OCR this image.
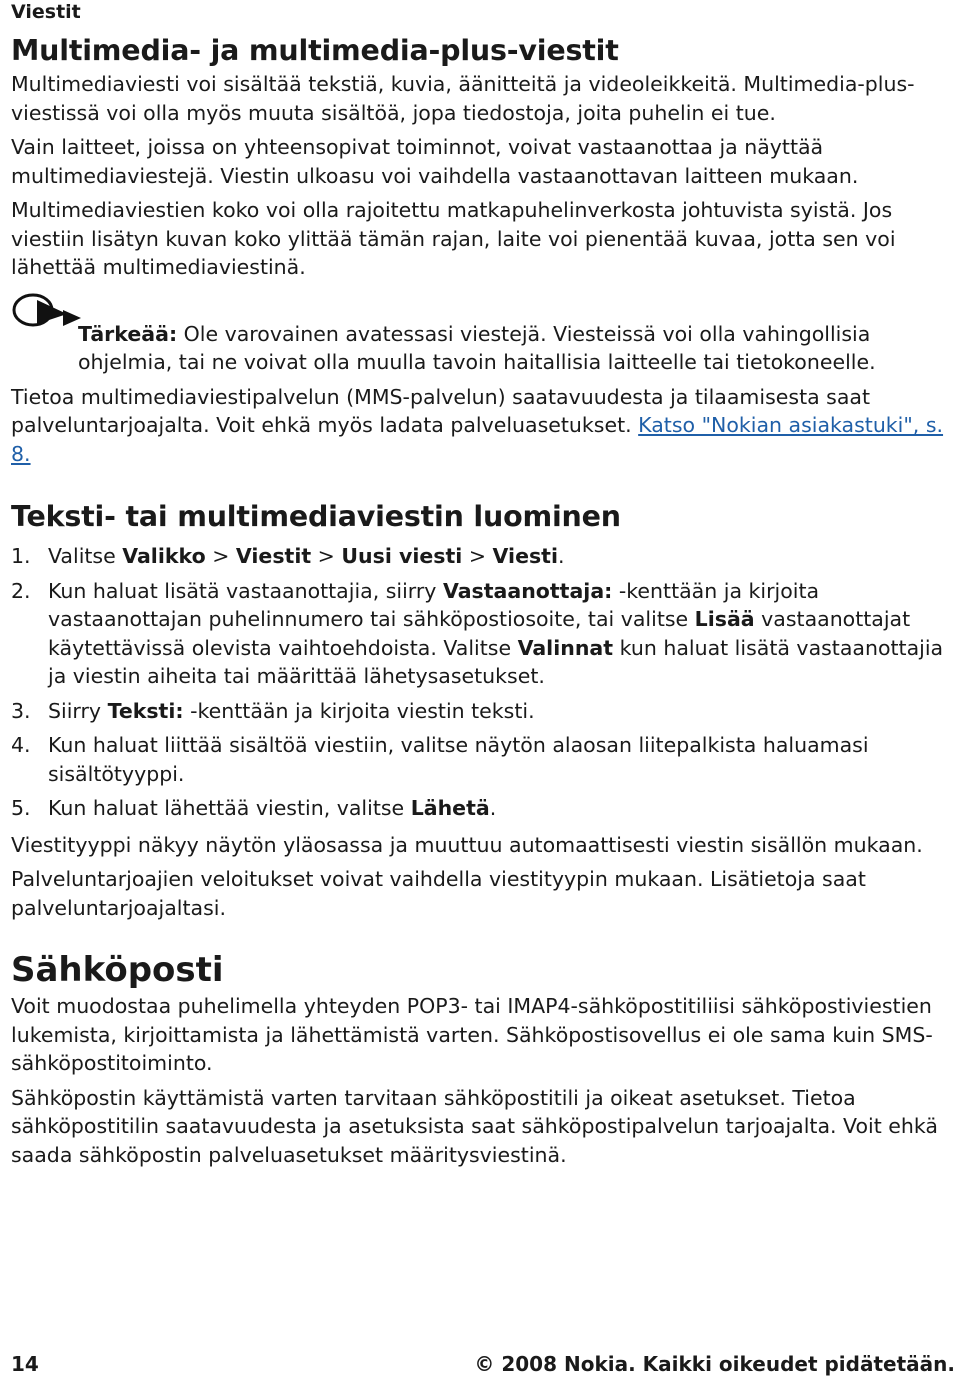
Viestit
Multimedia- ja multimedia-plus-viestit

Multimediaviesti voi sisältää tekstiä, kuvia, äänitteitä ja videoleikkeitä. Multimedia-plus-viestissä voi olla myös muuta sisältöä, jopa tiedostoja, joita puhelin ei tue.

Vain laitteet, joissa on yhteensopivat toiminnot, voivat vastaanottaa ja näyttää multimediaviestejä. Viestin ulkoasu voi vaihdella vastaanottavan laitteen mukaan.

Multimediaviestien koko voi olla rajoitettu matkapuhelinverkosta johtuvista syistä. Jos viestiin lisätyn kuvan koko ylittää tämän rajan, laite voi pienentää kuvaa, jotta sen voi lähettää multimediaviestinä.

Tärkeää: Ole varovainen avatessasi viestejä. Viesteissä voi olla vahingollisia ohjelmia, tai ne voivat olla muulla tavoin haitallisia laitteelle tai tietokoneelle.

Tietoa multimediaviestipalvelun (MMS-palvelun) saatavuudesta ja tilaamisesta saat palveluntarjoajalta. Voit ehkä myös ladata palveluasetukset. Katso "Nokian asiakastuki", s. 8.

Teksti- tai multimediaviestin luominen
1. Valitse Valikko > Viestit > Uusi viesti > Viesti.
2. Kun haluat lisätä vastaanottajia, siirry Vastaanottaja: -kenttään ja kirjoita vastaanottajan puhelinnumero tai sähköpostiosoite, tai valitse Lisää vastaanottajat käytettävissä olevista vaihtoehdoista. Valitse Valinnat kun haluat lisätä vastaanottajia ja viestin aiheita tai määrittää lähetysasetukset.
3. Siirry Teksti: -kenttään ja kirjoita viestin teksti.
4. Kun haluat liittää sisältöä viestiin, valitse näytön alaosan liitepalkista haluamasi sisältötyyppi.
5. Kun haluat lähettää viestin, valitse Lähetä.

Viestityyppi näkyy näytön yläosassa ja muuttuu automaattisesti viestin sisällön mukaan.

Palveluntarjoajien veloitukset voivat vaihdella viestityypin mukaan. Lisätietoja saat palveluntarjoajaltasi.

Sähköposti

Voit muodostaa puhelimella yhteyden POP3- tai IMAP4-sähköpostitiliisi sähköpostiviestien lukemista, kirjoittamista ja lähettämistä varten. Sähköpostisovellus ei ole sama kuin SMS-sähköpostitoiminto.

Sähköpostin käyttämistä varten tarvitaan sähköpostitili ja oikeat asetukset. Tietoa sähköpostitilin saatavuudesta ja asetuksista saat sähköpostipalvelun tarjoajalta. Voit ehkä saada sähköpostin palveluasetukset määritysviestinä.

14	© 2008 Nokia. Kaikki oikeudet pidätetään.
